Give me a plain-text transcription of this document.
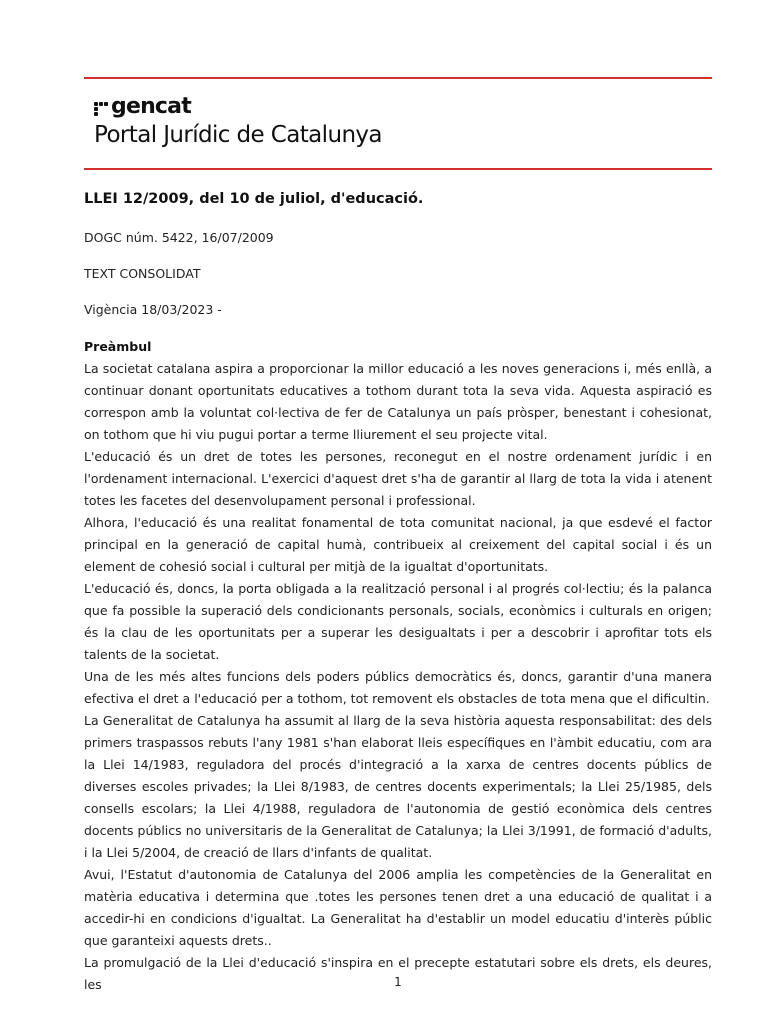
gencat
Portal Jurídic de Catalunya
LLEI 12/2009, del 10 de juliol, d'educació.
DOGC núm. 5422, 16/07/2009
TEXT CONSOLIDAT
Vigència 18/03/2023 -
Preàmbul

La societat catalana aspira a proporcionar la millor educació a les noves generacions i, més enllà, a continuar donant oportunitats educatives a tothom durant tota la seva vida. Aquesta aspiració es correspon amb la voluntat col·lectiva de fer de Catalunya un país pròsper, benestant i cohesionat, on tothom que hi viu pugui portar a terme lliurement el seu projecte vital.

L'educació és un dret de totes les persones, reconegut en el nostre ordenament jurídic i en l'ordenament internacional. L'exercici d'aquest dret s'ha de garantir al llarg de tota la vida i atenent totes les facetes del desenvolupament personal i professional.

Alhora, l'educació és una realitat fonamental de tota comunitat nacional, ja que esdevé el factor principal en la generació de capital humà, contribueix al creixement del capital social i és un element de cohesió social i cultural per mitjà de la igualtat d'oportunitats.

L'educació és, doncs, la porta obligada a la realització personal i al progrés col·lectiu; és la palanca que fa possible la superació dels condicionants personals, socials, econòmics i culturals en origen; és la clau de les oportunitats per a superar les desigualtats i per a descobrir i aprofitar tots els talents de la societat.

Una de les més altes funcions dels poders públics democràtics és, doncs, garantir d'una manera efectiva el dret a l'educació per a tothom, tot removent els obstacles de tota mena que el dificultin.

La Generalitat de Catalunya ha assumit al llarg de la seva història aquesta responsabilitat: des dels primers traspassos rebuts l'any 1981 s'han elaborat lleis específiques en l'àmbit educatiu, com ara la Llei 14/1983, reguladora del procés d'integració a la xarxa de centres docents públics de diverses escoles privades; la Llei 8/1983, de centres docents experimentals; la Llei 25/1985, dels consells escolars; la Llei 4/1988, reguladora de l'autonomia de gestió econòmica dels centres docents públics no universitaris de la Generalitat de Catalunya; la Llei 3/1991, de formació d'adults, i la Llei 5/2004, de creació de llars d'infants de qualitat.

Avui, l'Estatut d'autonomia de Catalunya del 2006 amplia les competències de la Generalitat en matèria educativa i determina que .totes les persones tenen dret a una educació de qualitat i a accedir-hi en condicions d'igualtat. La Generalitat ha d'establir un model educatiu d'interès públic que garanteixi aquests drets..

La promulgació de la Llei d'educació s'inspira en el precepte estatutari sobre els drets, els deures, les	1
